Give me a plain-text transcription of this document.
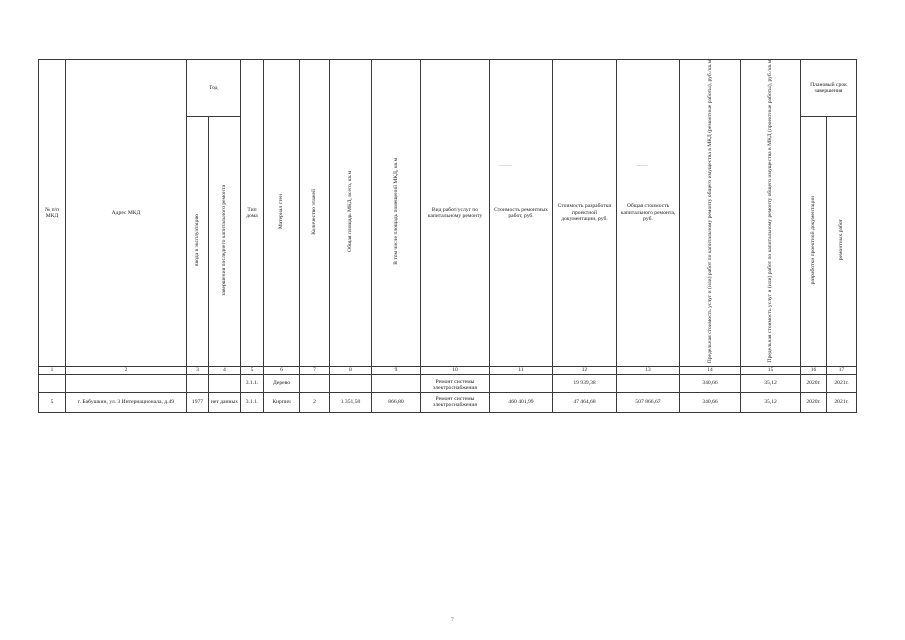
№ п/п МКД	Адрес МКД	Год		Тип дома	Материал стен	Количество этажей	Общая площадь МКД, всего, кв.м	В том числе площадь помещений МКД, кв.м	Вид работ/услуг по капитальному ремонту	Стоимость ремонтных работ, руб.	Стоимость разработки проектной документации, руб.	Общая стоимость капитального ремонта, руб.	Предельная стоимость услуг и (или) работ по капитальному ремонту общего имущества в МКД (ремонтные работы), руб./кв.м	Предельная стоимость услуг и (или) работ по капитальному ремонту общего имущества в МКД (проектные работы), руб./кв.м	Плановый срок завершения	
		ввода в эксплуатацию	завершения последнего капитального ремонта												разработки проектной документации	ремонтных работ
1	2	3	4	5	6	7	8	9	10	11	12	13	14	15	16	17
				3.1.1.	Дерево				Ремонт системы электроснабжения		19 939,38		340,66	35,12	2020г.	2021г.
5	г. Бабушкин, ул. 3 Интернационала, д.49	1977	нет данных	3.1.1.	Кирпич	2	1 351,50	866,80	Ремонт системы электроснабжения	460 401,99	47 464,68	507 866,67	340,66	35,12	2020г.	2021г.
‾‾‾‾‾‾‾	‾‾‾‾‾‾
7
